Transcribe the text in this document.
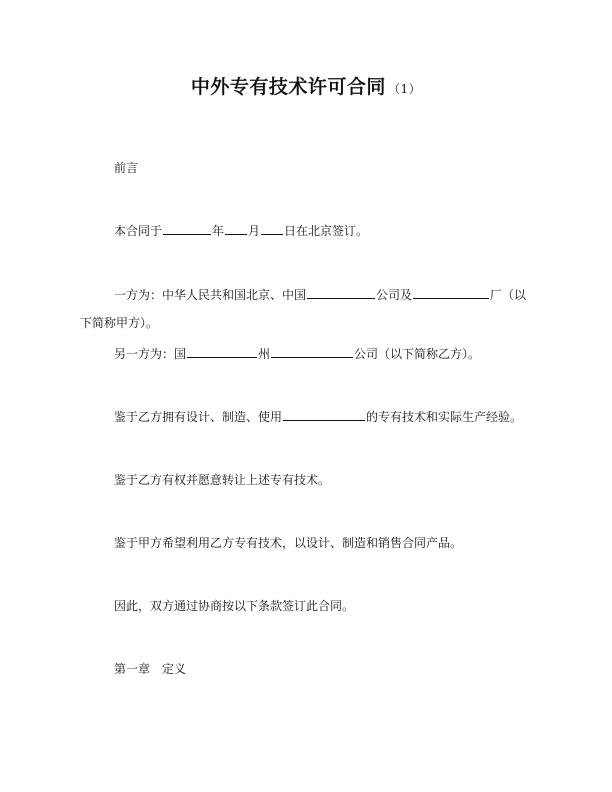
中外专有技术许可合同 （1）
前言
本合同于	年 月 日在北京签订。
一方为：中华人民共和国北京、中国	公司及	厂（以
下简称甲方）。
另一方为：国	州	公司（以下简称乙方）。
鉴于乙方拥有设计、制造、使用	的专有技术和实际生产经验。
鉴于乙方有权并愿意转让上述专有技术。
鉴于甲方希望利用乙方专有技术，以设计、制造和销售合同产品。
因此，双方通过协商按以下条款签订此合同。
第一章　定义
